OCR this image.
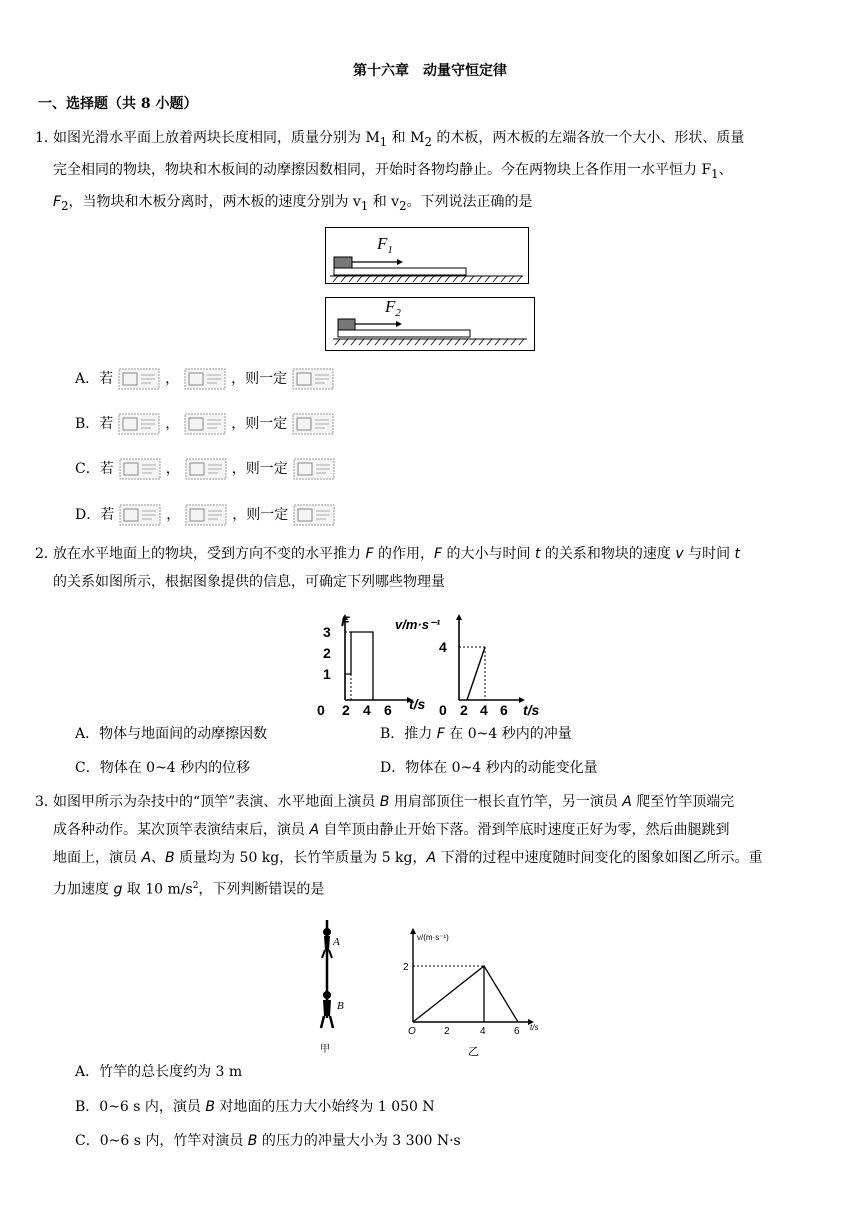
第十六章　动量守恒定律
一、选择题（共 8 小题）
1．
如图光滑水平面上放着两块长度相同，质量分别为 $M_1$ 和 $M_2$ 的木板，两木板的左端各放一个大小、形状、质量
完全相同的物块，物块和木板间的动摩擦因数相同，开始时各物均静止。今在两物块上各作用一水平恒力 $F_1$、
$F_2$，当物块和木板分离时，两木板的速度分别为 $v_1$ 和 $v_2$。下列说法正确的是
$F_1$
$F_2$
A．若	，	，则一定
B．若	，	，则一定
C．若	，	，则一定
D．若	，	，则一定
2．
放在水平地面上的物块，受到方向不变的水平推力 F 的作用，F 的大小与时间 t 的关系和物块的速度 v 与时间 t
的关系如图所示，根据图象提供的信息，可确定下列哪些物理量
F
3
2
1
0 2 4 6 t/s
v/m·s⁻¹
4
0 2 4 6 t/s
A．物体与地面间的动摩擦因数	B．推力 F 在 0~4 秒内的冲量
C．物体在 0~4 秒内的位移	D．物体在 0~4 秒内的动能变化量
3．
如图甲所示为杂技中的“顶竿”表演、水平地面上演员 B 用肩部顶住一根长直竹竿，另一演员 A 爬至竹竿顶端完
成各种动作。某次顶竿表演结束后，演员 A 自竿顶由静止开始下落。滑到竿底时速度正好为零，然后曲腿跳到
地面上，演员 A、B 质量均为 50 kg，长竹竿质量为 5 kg，A 下滑的过程中速度随时间变化的图象如图乙所示。重
力加速度 g 取 10 $m/s^2$，下列判断错误的是
A
B
甲
v/(m·s⁻¹)
2
O	2	4	6 t/s
乙
A．竹竿的总长度约为 3 m
B．0~6 s 内，演员 B 对地面的压力大小始终为 1 050 N
C．0~6 s 内，竹竿对演员 B 的压力的冲量大小为 3 300 N·s
